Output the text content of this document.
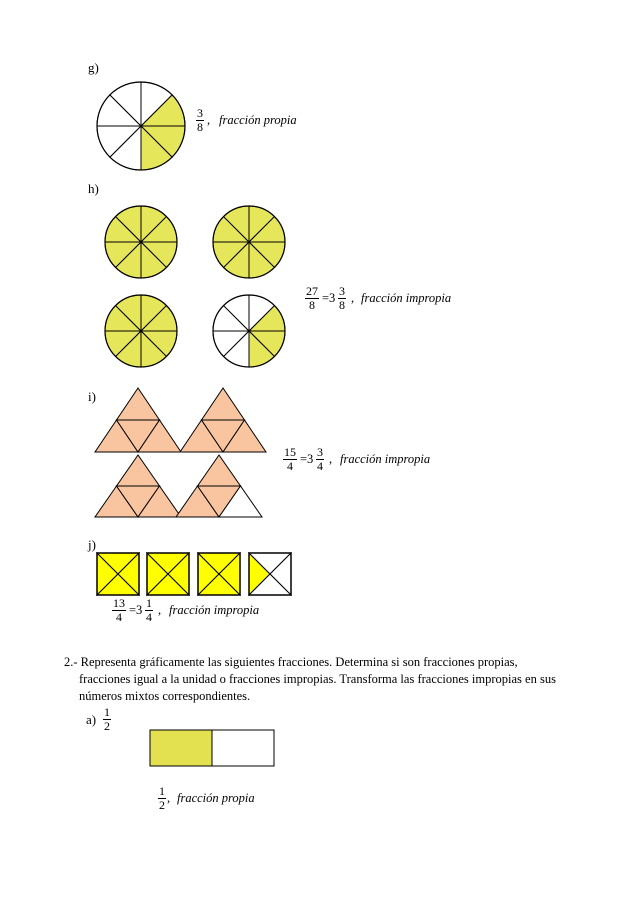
g)
$\frac{3}{8}$ , fracción propia
h)
$\frac{27}{8} =3 \frac{3}{8}$ , fracción impropia
i)
$\frac{15}{4} =3 \frac{3}{4}$ , fracción impropia
j)
$\frac{13}{4} =3 \frac{1}{4}$ , fracción impropia
2.- Representa gráficamente las siguientes fracciones. Determina si son fracciones propias,
fracciones igual a la unidad o fracciones impropias. Transforma las fracciones impropias en sus
números mixtos correspondientes.
$a) \frac{1}{2}$
$\frac{1}{2}$ , fracción propia
